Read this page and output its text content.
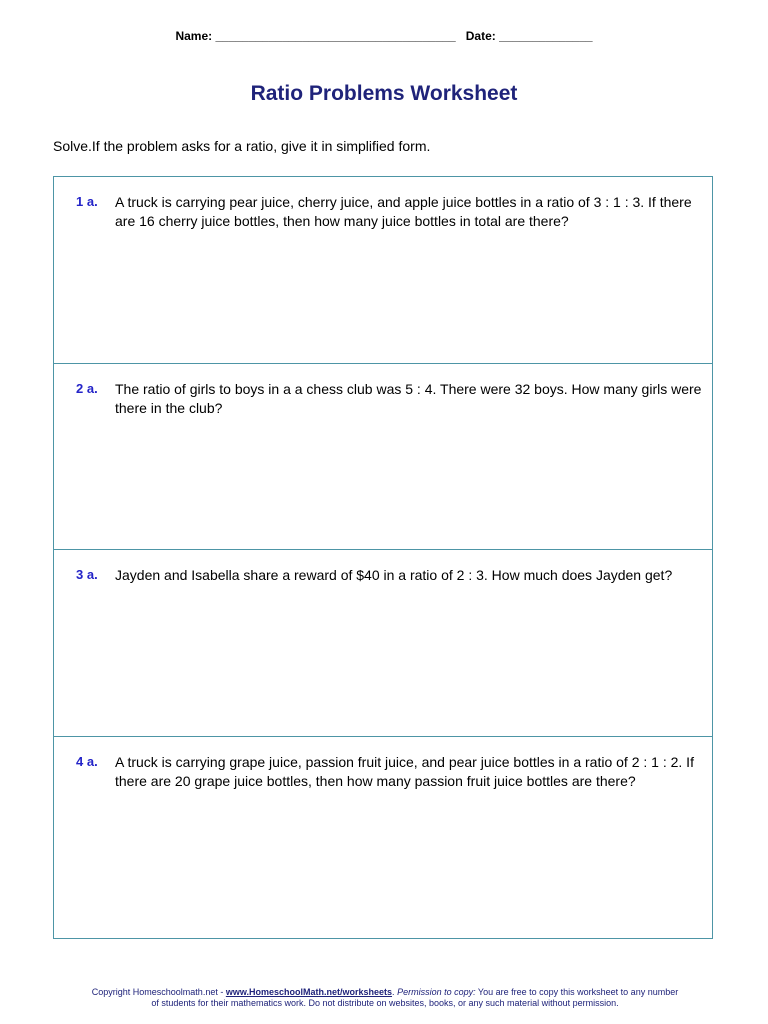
Name: ____________________________________ Date: ______________
Ratio Problems Worksheet
Solve.If the problem asks for a ratio, give it in simplified form.
1 a. A truck is carrying pear juice, cherry juice, and apple juice bottles in a ratio of 3 : 1 : 3. If there are 16 cherry juice bottles, then how many juice bottles in total are there?
2 a. The ratio of girls to boys in a a chess club was 5 : 4. There were 32 boys. How many girls were there in the club?
3 a. Jayden and Isabella share a reward of $40 in a ratio of 2 : 3. How much does Jayden get?
4 a. A truck is carrying grape juice, passion fruit juice, and pear juice bottles in a ratio of 2 : 1 : 2. If there are 20 grape juice bottles, then how many passion fruit juice bottles are there?
Copyright Homeschoolmath.net - www.HomeschoolMath.net/worksheets. Permission to copy: You are free to copy this worksheet to any number of students for their mathematics work. Do not distribute on websites, books, or any such material without permission.
